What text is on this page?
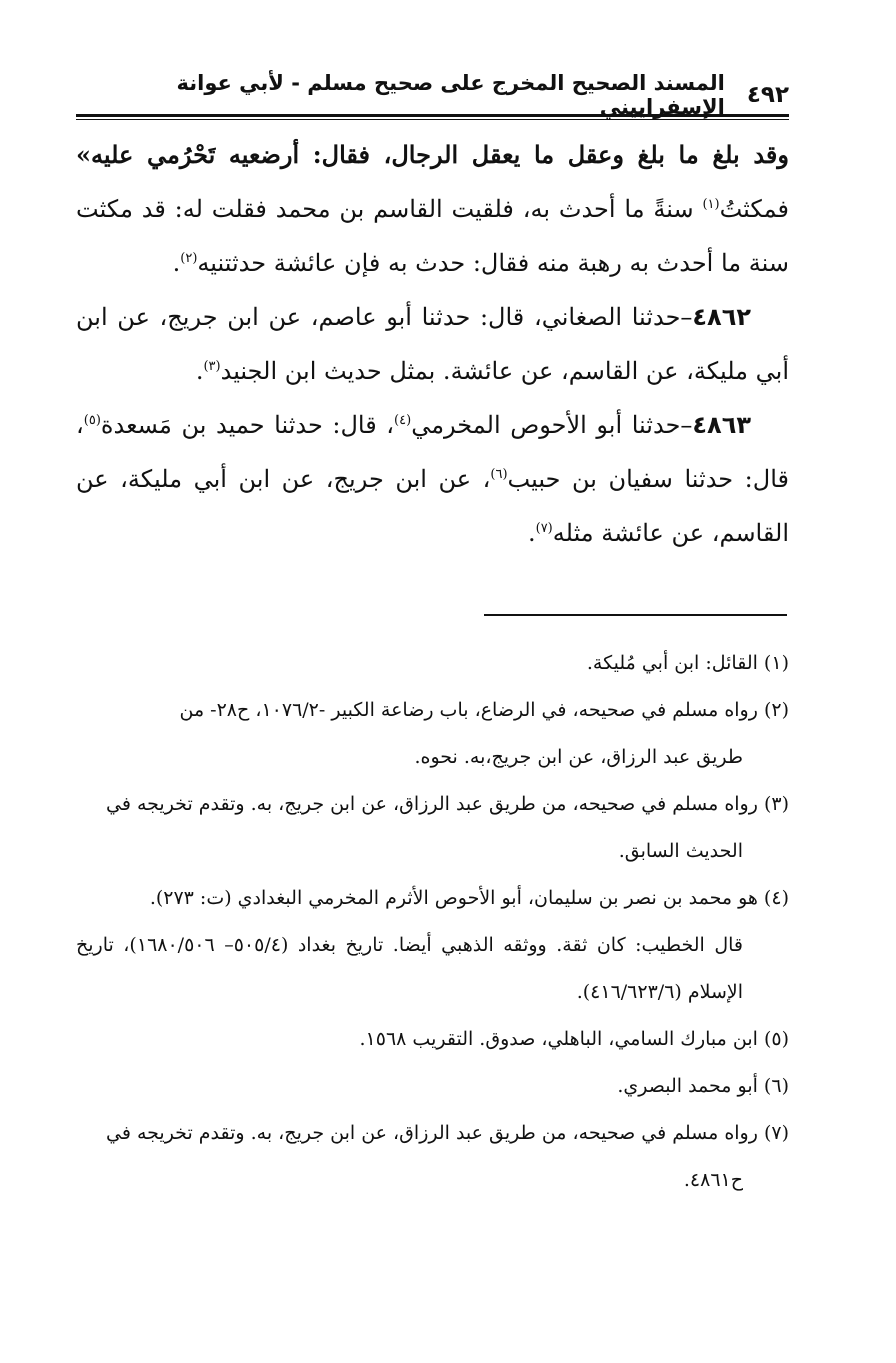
٤٩٢
المسند الصحيح المخرج على صحيح مسلم - لأبي عوانة الإسفراييني

وقد بلغ ما بلغ وعقل ما يعقل الرجال، فقال: أرضعيه تَحْرُمي عليه» فمكثتُ$^{(١)}$ سنةً ما أحدث به، فلقيت القاسم بن محمد فقلت له: قد مكثت سنة ما أحدث به رهبة منه فقال: حدث به فإن عائشة حدثتنيه$^{(٢)}$.

٤٨٦٢–حدثنا الصغاني، قال: حدثنا أبو عاصم، عن ابن جريج، عن ابن أبي مليكة، عن القاسم، عن عائشة. بمثل حديث ابن الجنيد$^{(٣)}$.

٤٨٦٣–حدثنا أبو الأحوص المخرمي$^{(٤)}$، قال: حدثنا حميد بن مَسعدة$^{(٥)}$، قال: حدثنا سفيان بن حبيب$^{(٦)}$، عن ابن جريج، عن ابن أبي مليكة، عن القاسم، عن عائشة مثله$^{(٧)}$.

(١) القائل: ابن أبي مُليكة.
(٢) رواه مسلم في صحيحه، في الرضاع، باب رضاعة الكبير -١٠٧٦/٢، ح٢٨- من
طريق عبد الرزاق، عن ابن جريج،به. نحوه.
(٣) رواه مسلم في صحيحه، من طريق عبد الرزاق، عن ابن جريج، به. وتقدم تخريجه في
الحديث السابق.
(٤) هو محمد بن نصر بن سليمان، أبو الأحوص الأثرم المخرمي البغدادي (ت: ٢٧٣).
قال الخطيب: كان ثقة. ووثقه الذهبي أيضا. تاريخ بغداد (٥٠٥/٤– ١٦٨٠/٥٠٦)، تاريخ الإسلام (٤١٦/٦٢٣/٦).
(٥) ابن مبارك السامي، الباهلي، صدوق. التقريب ١٥٦٨.
(٦) أبو محمد البصري.
(٧) رواه مسلم في صحيحه، من طريق عبد الرزاق، عن ابن جريج، به. وتقدم تخريجه في
ح٤٨٦١.
